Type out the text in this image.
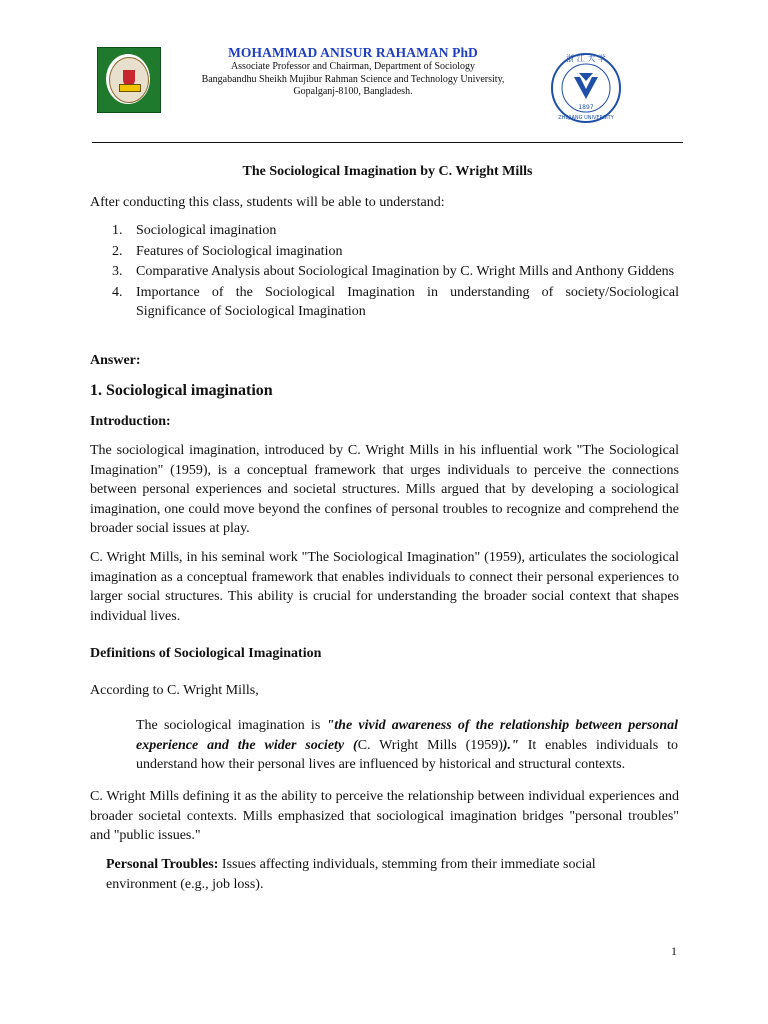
MOHAMMAD ANISUR RAHAMAN PhD
Associate Professor and Chairman, Department of Sociology
Bangabandhu Sheikh Mujibur Rahman Science and Technology University,
Gopalganj-8100, Bangladesh.
浙 江 大 学
1897
ZHEJIANG UNIVERSITY
The Sociological Imagination by C. Wright Mills
After conducting this class, students will be able to understand:
1. Sociological imagination
2. Features of Sociological imagination
3. Comparative Analysis about Sociological Imagination by C. Wright Mills and Anthony Giddens
4. Importance of the Sociological Imagination in understanding of society/Sociological Significance of Sociological Imagination
Answer:
1. Sociological imagination
Introduction:
The sociological imagination, introduced by C. Wright Mills in his influential work "The Sociological Imagination" (1959), is a conceptual framework that urges individuals to perceive the connections between personal experiences and societal structures. Mills argued that by developing a sociological imagination, one could move beyond the confines of personal troubles to recognize and comprehend the broader social issues at play.
C. Wright Mills, in his seminal work "The Sociological Imagination" (1959), articulates the sociological imagination as a conceptual framework that enables individuals to connect their personal experiences to larger social structures. This ability is crucial for understanding the broader social context that shapes individual lives.
Definitions of Sociological Imagination
According to C. Wright Mills,
The sociological imagination is "the vivid awareness of the relationship between personal experience and the wider society (C. Wright Mills (1959))." It enables individuals to understand how their personal lives are influenced by historical and structural contexts.
C. Wright Mills defining it as the ability to perceive the relationship between individual experiences and broader societal contexts. Mills emphasized that sociological imagination bridges "personal troubles" and "public issues."
Personal Troubles: Issues affecting individuals, stemming from their immediate social environment (e.g., job loss).
1
